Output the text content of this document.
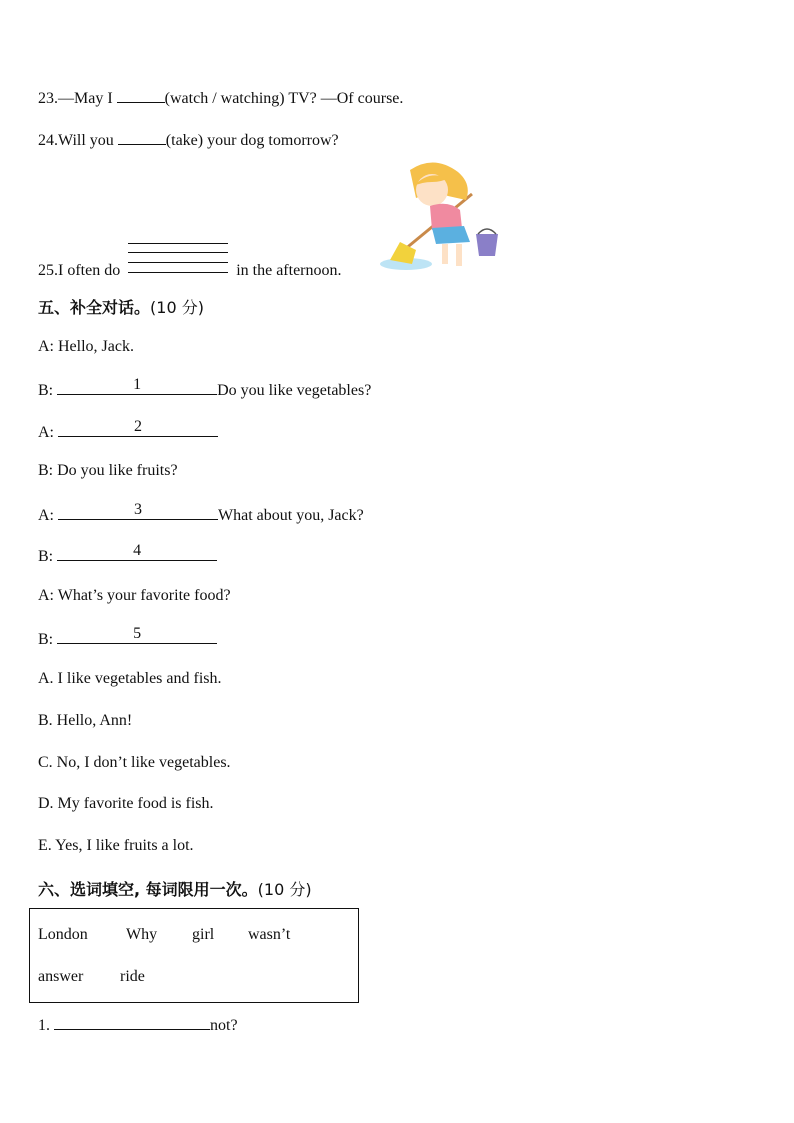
23.—May I	(watch / watching) TV? —Of course.
24.Will you	(take) your dog tomorrow?
25.I often do	in the afternoon.
五、补全对话。(10 分)
A: Hello, Jack.
B:	1	Do you like vegetables?
A:	2
B: Do you like fruits?
A:	3	What about you, Jack?
B:	4
A: What’s your favorite food?
B:	5
A. I like vegetables and fish.
B. Hello, Ann!
C. No, I don’t like vegetables.
D. My favorite food is fish.
E. Yes, I like fruits a lot.
六、选词填空, 每词限用一次。(10 分)
London Why girl wasn’t
answer ride
1.	not?
